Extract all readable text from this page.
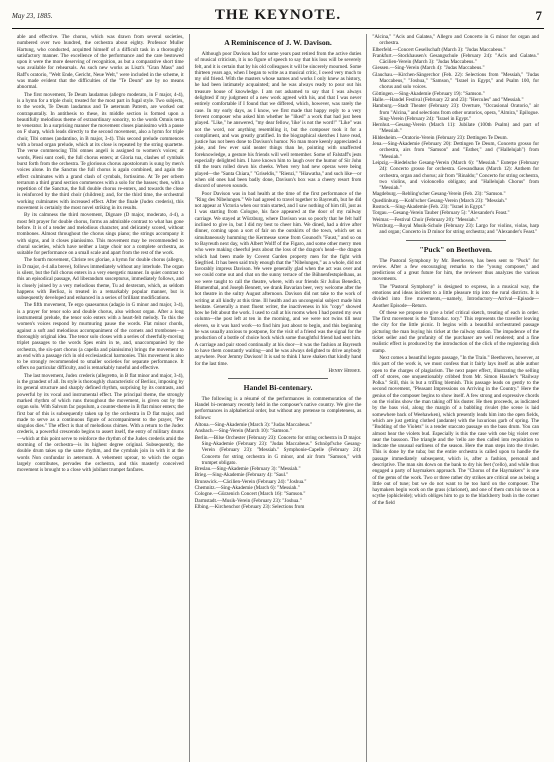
May 23, 1885.	THE KEYNOTE.	7

able and effective. The chorus, which was drawn from several societies, numbered over two hundred, the orchestra about eighty. Professor Muller Hartung, who conducted, acquitted himself of a difficult task in a thoroughly satisfactory manner. The excellence of the performance and the care bestowed upon it were the more deserving of recognition, as but a comparative short time was available for rehearsals. As such new works as Liszt's "Gran Mass" and Raff's oratorio, "Welt Ende, Gericht, Neue Welt," were included in the scheme, it was made evident that the difficulties of the "Te Deum" are by no means abnormal.

The first movement, Te Deum laudamus (allegro moderato, in F major, 4-4), is a hymn for a triple choir, treated for the most part in fugal style. Two subjects, to the words, Te Deum laudamus and Te aeternum Patrem, are worked out contrapuntally. In antithesis to these, its middle section is formed upon a beautifully melodious theme of extraordinary sonority, to the words Omnis terra te veneratur. In a surprising manner the movement closes pianissimo with a pause on F sharp, which leads directly to the second movement, also a hymn for triple choir, Tibi omnes (andantino, in B major, 3-4). This second prelude commences with a broad organ prelude, which at its close is repeated by the string quartette. The verse commencing Tibi omnes angeli is assigned to women's voices; at words, Pleni sunt coeli, the full chorus enters; at Gloria tua, clashes of cymbals burst forth from the orchestra. Te gloriosus chorus apostolorum is sung by men's voices alone. In the Sanctus the full chorus is again combined, and again the effect culminates with a grand clash of cymbals, fortissimo. At Te per orbem terrarum a third grand section commences with a solo for the basses; then, with a repetition of the Sanctus, the full double chorus re-enters, and towards the close is reinforced by the third choir (children); and, for the third time, the orchestral working culminates with increased effect. After the finale (Judex crederis), this movement is certainly the most novel striking in its results.

By its calmness the third movement, Dignare (D major, moderato, 4-4), a most felt prayer for double chorus, forms an admirable contrast to what has gone before. It is of a tender and melodious character, and delicately scored, without trombones. Almost throughout the chorus sings piano; the strings accompany it with signs, and it closes pianissimo. This movement may be recommended to choral societies, which have neither a large choir nor a complete orchestra, as suitable for performance on a small scale and apart from the rest of the work.

The fourth movement, Christe rex gloriae, a hymn for double chorus (allegro, in D major, 4-4 alla breve), follows immediately without any interlude. The organ is silent, but the full chorus enters in a very energetic manner. In quiet contrast to this an episodical passage, Ad liberandum suscepturus, immediately follows, and is closely joined by a very melodious theme, Tu ad dexteram, which, as seldom happens with Berlioz, is treated in a remarkably popular manner, but is subsequently developed and enhanced in a series of brilliant modifications.

The fifth movement, Te ergo quaesumus (adagio in G minor and major, 3-4), is a prayer for tenor solo and double chorus, also without organ. After a long instrumental prelude, the tenor solo enters with a heart-felt melody. To this the women's voices respond by murmuring pause the words. Flat minor chords, against a soft and melodious accompaniment of the cornets and trombones—a thoroughly original idea. The tenor solo closes with a series of cheerfully-moving triplet passages to the words Spes enim in te, and, unaccompanied by the orchestra, the six-part chorus (a capella and pianissimo) brings the movement to an end with a passage rich in old ecclesiastical harmonies. This movement is also to be strongly recommended to smaller societies for separate performance. It offers no particular difficulty, and is remarkably tuneful and effective.

The last movement, Judex crederis (allegretto, in B flat minor and major, 3-4), is the grandest of all. Its style is thoroughly characteristic of Berlioz, imposing by its general structure and sharply defined rhythm, surprising by its contrasts, and powerful by its vocal and instrumental effect. The principal theme, the strongly marked rhythm of which runs throughout the movement, is given out by the organ solo. With Salvum fac populum, a counter-theme in B flat minor enters; the first bar of this is subsequently taken up by the orchestra in D flat major, and made to serve as a continuous figure of accompaniment to the prayer, "Per singulos dies." The effect is that of melodious chimes. With a return to the Judex crederis, a powerful crescendo begins to assert itself, the entry of military drums—which at this point serve to reinforce the rhythm of the Judex crederis amid the storming of the orchestra—is its highest degree original. Subsequently, the double drum takes up the same rhythm, and the cymbals join in with it at the words Non confundar in aeternum. A vehement uproar, to which the organ largely contributes, pervades the orchestra, and this masterly conceived movement is brought to a close with jubilant trumpet fanfares.

A Reminiscence of J. W. Davison.

Although poor Davison had for some years past retired from the active duties of musical criticism, it is no figure of speech to say that his loss will be severely felt, and it is certain that by his old colleagues it will be sincerely mourned. Some thirteen years ago, when I began to write as a musical critic, I owed very much to my old friend. With the masters whose names and works I only knew as history, he had been intimately acquainted; and he was always ready to pour out his treasure house of knowledge. I am not ashamed to say that I was always delighted if my judgment of a new work agreed with his, and that I was never entirely comfortable if I found that we differed, which, however, was rarely the case. In my early days, as I know, we first made that happy reply to a very fervent composer who asked him whether he "liked" a work that had just been played. "Like," he answered, "my dear fellow, 'like' is not the word!" "Like" was not the word, nor anything resembling it, but the composer took it for a compliment, and was greatly gratified. In the biographical sketches I have read, justice has not been done to Davison's humor. No man more keenly appreciated a joke, and few ever said neater things than he, pointing with unaffected foreknowledge, a gesture his friends will well remember. Some of Falstaff's jests especially delighted him. I have known him to laugh over the humor of Sir John till the tears rolled down his cheeks. When very bad new operas were being played—the "Santa Chiara," "Griseldis," "Rienzi," "Hiawatha," and such like—or when old ones had been badly done, Davison's box was a cheery resort from discord of uneven sounds.

Poor Davison was in bad health at the time of the first performance of the "Ring des Nibelungen." We had agreed to travel together to Bayreuth, but he did not appear at Victoria when our train started, and I saw nothing of him till, just as I was starting from Cologne, his face appeared at the door of my railway carriage. We stayed at Würzburg, where Davison was so poorly that he felt half inclined to give in, but I did my best to cheer him. We dined, had a drive after dinner, coming upon a sort of fair on the outskirts of the town, which set us simultaneously humming the Kermesse scene from Gounod's "Faust," and so on to Bayreuth next day, with Albert Wolff of the Figaro, and some other merry men who were making cheerful jests about the loss of the dragon's head—the dragon which had been made by Covent Garden property men for the fight with Siegfried. It has been said truly enough that the "Nibelungen," as a whole, did not favorably impress Davison. We were generally glad when the act was over and we could come out and chat on the sunny terrace of the Bühnenfestspielhaus, as we were taught to call the theatre, where, with our friends Sir Julius Benedict, Blumenthal, and Joseph Bennett, we drank Bavarian beer, very welcome after the hot theatre in the sultry August afternoon. Davison did not take to the work of writing at all kindly at this time. Ill health and an uncongenial subject made him hesitate. Generally a most fluent writer, the inactiveness in his "copy" showed how he felt about the work. I used to call at his rooms when I had posted my own column—the post left at ten in the morning, and we were not twins till near eleven, so it was hard work—to find him just about to begin, and this beginning he was usually anxious to postpone, for the visit of a friend was the signal for the production of a bottle of choice hock which some thoughtful friend had sent him. A carriage and pair stood continually at his door—it was the fashion at Bayreuth to have them constantly waiting—and he was always delighted to drive anybody anywhere. Poor Jemmy Davison! It is sad to think I have shaken that kindly hand for the last time.

Henry Hersee.
Handel Bi-centenary.

The following is a résumé of the performances in commemoration of the Handel bi-centenary recently held in the composer's native country. We give the performances in alphabetical order, but without any pretense to completeness, as follows:

Altona.—Sing-Akademie (March 3): "Judas Maccabeus."
Ansbach.—Sing-Verein (March 10): "Samson."
Berlin.—Bilse Orchester (February 23): Concerto for string orchestra in D major. Sing-Akademie (February 23): "Judas Maccabeus." Schnöpf'sche Gesang-Verein (February 23): "Messiah." Symphonie-Capelle (February 24): Concerto for string orchestra in G minor, and air from "Samson," with trumpet obligato.
Breslau.—Sing-Akademie (February 3): "Messiah."
Brieg.—Sing-Akademie (February 4): "Saul."
Brunswick.—Cäcilien-Verein (February 24): "Joshua."
Chemnitz.—Sing-Akademie (March 6): "Messiah."
Cologne.—Gürzenich Concert (March 16): "Samson."
Darmstadt.—Musik-Verein (February 23): "Joshua."
Elbing.—Kirchenchor (February 23): Selections from
"Alcina," "Acis and Galatea," Allegro and Concerto in G minor for organ and orchestra.
Elberfeld.—Concert Gesellschaft (March 3): "Judas Maccabeus."
Frankfurt.—Stockhausen's Gesangschule (February 24): "Acis and Galatea." Cäcilien-Verein (March 3): "Judas Maccabeus."
Giessen.—Sing-Verein (March 4): "Judas Maccabeus."
Glauchau.—Kirchen-Sängerchor (Feb. 22): Selections from "Messiah," "Judas Maccabeus," "Joshua," "Samson," "Israel in Egypt," and Psalm 100, for chorus and solo voices.
Göttingen.—Sing-Akademie (February 19): "Samson."
Halle.—Handel Festival (February 22 and 23): "Hercules" and "Messiah."
Hamburg.—Stadt Theater (February 23): Overture, "Occasional Oratorio," air from "Alcina," and selections from other oratorios, opera, "Almira," Epilogue. Sing-Verein (February 24): "Israel in Egypt."
Hernhut.—Gesang-Verein (March 11): Jubilate (100th Psalm) and part of "Messiah."
Hildesheim.—Oratorio-Verein (February 23): Dettingen Te Deum.
Jena.—Sing-Akademie (February 20): Dettingen Te Deum, Concerto grosso for orchestra, airs from "Samson" and "Esther," and ("Hallelujah") from "Messiah."
Leipzig.—Riedelsche Gesang-Verein (March 6): "Messiah." Euterpe (February 24): Concerto grosso for orchestra. Gewandhaus (March 12): Anthem for orchestra, organ and chorus; air from "Rinaldo;" Concerto for string orchestra, two violins, and violoncello obligato; and "Hallelujah Chorus" from "Messiah."
Magdeburg.—Rebling'scher Gesang-Verein (Feb. 23): "Samson."
Quedlinburg.—Kohl'scher Gesang-Verein (March 23): "Messiah."
Rostock.—Sing-Akademie (Feb. 23): "Israel in Egypt."
Torgau.—Gesang-Verein Tauber (February 5): "Alexander's Feast."
Weimar.—Festival Choir (February 20): "Messiah."
Würzburg.—Royal Musik-Schule (February 23): Largo for violins, violas, harp and organ; Concerto in D minor for string orchestra; and "Alexander's Feast."
"Puck" on Beethoven.

The Pastoral Symphony by Mr. Beethoven, has been sent to "Puck" for review. After a few encouraging remarks to the "young composer," and predictions of a great future for him, the reviewer thus analyzes the various movements.

The "Pastoral Symphony" is designed to express, in a musical way, the emotions and ideas incident to a little pleasure trip into the rural districts. It is divided into five movements,—namely, Introductory—Arrival—Episode—Another Episode—Return.

Of these we propose to give a brief critical sketch, treating of each in order. The first movement is the "Introduc. tory." This represents the traveller leaving the city for the little picnic. It begins with a beautiful orchestrated passage picturing the man buying his ticket at the railway station. The impudence of the ticket seller and the profanity of the purchaser are well rendered; and a fine realistic effect is produced by the introduction of the click of the registering dish stamp.

Next comes a beautiful legato passage, "In the Train." Beethoven, however, at this part of the work is, we must confess that it fairly lays itself as able author open to the charges of plagiarism. The next paper effect, illustrating the selling off of stores, one unquestionably cribbed from Mr. Simon Hassler's "Railway Polka." Still, this is but a trifling blemish. This passage leads on gently to the second movement, "Pleasant Impressions on Arriving in the Country." Here the genius of the composer begins to show itself. A few strong and expressive chords on the violins show the man taking off his duster. He then proceeds, as indicated by the bass viol, along the margin of a babbling rivulet (the scene is laid somewhere back of Weehawken), which presently leads him into the open fields, which are just getting clothed (andante) with the luxurious garb of spring. The "Budding of the Violets" is a tender staccato passage on the bass drum. You can almost hear the violets bud. Especially is this the case with one big violet over near the bassoon. The triangle and the 'cello are then called into requisition to indicate the unusual earliness of the season. Here the man steps into the rivulet. This is done by the tuba; but the entire orchestra is called upon to handle the passage immediately subsequent, which is, after a fashion, personal and descriptive. The man sits down on the bank to dry his feet ('cello), and while thus engaged a party of haymakers approach. The "Chorus of the Haymakers" is one of the gems of the work. Two or three rather dry strikes are critical one as being a little out of tune; but we do not want to be too hard on the composer. The haymakers begin work on the grass (clarionet), and one of them cuts his toe on a scythe (ophicleide); which obliges him to go to the blackberry bush in the corner of the field
